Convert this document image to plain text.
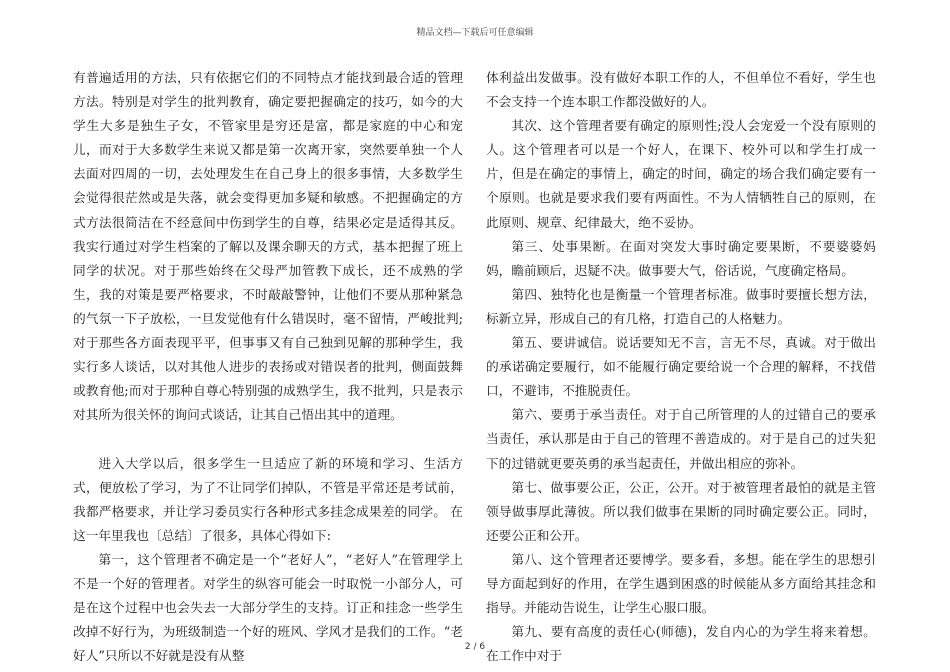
精品文档—下载后可任意编辑

有普遍适用的方法，只有依据它们的不同特点才能找到最合适的管理方法。特别是对学生的批判教育，确定要把握确定的技巧，如今的大学生大多是独生子女，不管家里是穷还是富，都是家庭的中心和宠儿，而对于大多数学生来说又都是第一次离开家，突然要单独一个人去面对四周的一切，去处理发生在自己身上的很多事情，大多数学生会觉得很茫然或是失落，就会变得更加多疑和敏感。不把握确定的方式方法很简洁在不经意间中伤到学生的自尊，结果必定是适得其反。我实行通过对学生档案的了解以及课余聊天的方式，基本把握了班上同学的状况。对于那些始终在父母严加管教下成长，还不成熟的学生，我的对策是要严格要求，不时敲敲警钟，让他们不要从那种紧急的气氛一下子放松，一旦发觉他有什么错误时，毫不留情，严峻批判;对于那些各方面表现平平，但事事又有自己独到见解的那种学生，我实行多人谈话，以对其他人进步的表扬或对错误者的批判，侧面鼓舞或教育他;而对于那种自尊心特别强的成熟学生，我不批判，只是表示对其所为很关怀的询问式谈话，让其自己悟出其中的道理。

进入大学以后，很多学生一旦适应了新的环境和学习、生活方式，便放松了学习，为了不让同学们掉队，不管是平常还是考试前，我都严格要求，并让学习委员实行各种形式多挂念成果差的同学。 在这一年里我也〔总结〕了很多，具体心得如下:

第一，这个管理者不确定是一个“老好人”，“老好人”在管理学上不是一个好的管理者。对学生的纵容可能会一时取悦一小部分人，可是在这个过程中也会失去一大部分学生的支持。订正和挂念一些学生改掉不好行为，为班级制造一个好的班风、学风才是我们的工作。“老好人”只所以不好就是没有从整

体利益出发做事。没有做好本职工作的人，不但单位不看好，学生也不会支持一个连本职工作都没做好的人。

其次、这个管理者要有确定的原则性;没人会宠爱一个没有原则的人。这个管理者可以是一个好人，在课下、校外可以和学生打成一片，但是在确定的事情上，确定的时间，确定的场合我们确定要有一个原则。也就是要求我们要有两面性。不为人情牺牲自己的原则，在此原则、规章、纪律最大，绝不妥协。

第三、处事果断。在面对突发大事时确定要果断，不要婆婆妈妈，瞻前顾后，迟疑不决。做事要大气，俗话说，气度确定格局。

第四、独特化也是衡量一个管理者标准。做事时要擅长想方法，标新立异，形成自己的有几格，打造自己的人格魅力。

第五、要讲诚信。说话要知无不言，言无不尽，真诚。对于做出的承诺确定要履行，如不能履行确定要给说一个合理的解释，不找借口，不避讳，不推脱责任。

第六、要勇于承当责任。对于自己所管理的人的过错自己的要承当责任，承认那是由于自己的管理不善造成的。对于是自己的过失犯下的过错就更要英勇的承当起责任，并做出相应的弥补。

第七、做事要公正，公正，公开。对于被管理者最怕的就是主管领导做事厚此薄彼。所以我们做事在果断的同时确定要公正。同时，还要公正和公开。

第八、这个管理者还要博学。要多看，多想。能在学生的思想引导方面起到好的作用，在学生遇到困惑的时候能从多方面给其挂念和指导。并能动告说生，让学生心服口服。

第九、要有高度的责任心(师德)，发自内心的为学生将来着想。在工作中对于

2 / 6
